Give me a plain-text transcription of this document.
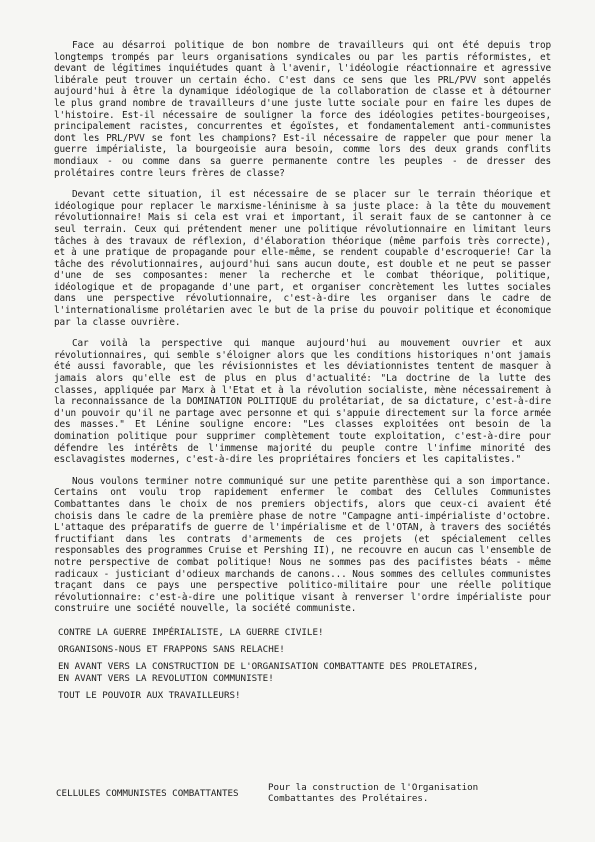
Face au désarroi politique de bon nombre de travailleurs qui ont été depuis trop longtemps trompés par leurs organisations syndicales ou par les partis réformistes, et devant de légitimes inquiétudes quant à l'avenir, l'idéologie réactionnaire et agressive libérale peut trouver un certain écho. C'est dans ce sens que les PRL/PVV sont appelés aujourd'hui à être la dynamique idéologique de la collaboration de classe et à détourner le plus grand nombre de travailleurs d'une juste lutte sociale pour en faire les dupes de l'histoire. Est-il nécessaire de souligner la force des idéologies petites-bourgeoises, principalement racistes, concurrentes et égoïstes, et fondamentalement anti-communistes dont les PRL/PVV se font les champions? Est-il nécessaire de rappeler que pour mener la guerre impérialiste, la bourgeoisie aura besoin, comme lors des deux grands conflits mondiaux - ou comme dans sa guerre permanente contre les peuples - de dresser des prolétaires contre leurs frères de classe?

Devant cette situation, il est nécessaire de se placer sur le terrain théorique et idéologique pour replacer le marxisme-léninisme à sa juste place: à la tête du mouvement révolutionnaire! Mais si cela est vrai et important, il serait faux de se cantonner à ce seul terrain. Ceux qui prétendent mener une politique révolutionnaire en limitant leurs tâches à des travaux de réflexion, d'élaboration théorique (même parfois très correcte), et à une pratique de propagande pour elle-même, se rendent coupable d'escroquerie! Car la tâche des révolutionnaires, aujourd'hui sans aucun doute, est double et ne peut se passer d'une de ses composantes: mener la recherche et le combat théorique, politique, idéologique et de propagande d'une part, et organiser concrètement les luttes sociales dans une perspective révolutionnaire, c'est-à-dire les organiser dans le cadre de l'internationalisme prolétarien avec le but de la prise du pouvoir politique et économique par la classe ouvrière.

Car voilà la perspective qui manque aujourd'hui au mouvement ouvrier et aux révolutionnaires, qui semble s'éloigner alors que les conditions historiques n'ont jamais été aussi favorable, que les révisionnistes et les déviationnistes tentent de masquer à jamais alors qu'elle est de plus en plus d'actualité: "La doctrine de la lutte des classes, appliquée par Marx à l'Etat et à la révolution socialiste, mène nécessairement à la reconnaissance de la DOMINATION POLITIQUE du prolétariat, de sa dictature, c'est-à-dire d'un pouvoir qu'il ne partage avec personne et qui s'appuie directement sur la force armée des masses." Et Lénine souligne encore: "Les classes exploitées ont besoin de la domination politique pour supprimer complètement toute exploitation, c'est-à-dire pour défendre les intérêts de l'immense majorité du peuple contre l'infime minorité des esclavagistes modernes, c'est-à-dire les propriétaires fonciers et les capitalistes."

Nous voulons terminer notre communiqué sur une petite parenthèse qui a son importance. Certains ont voulu trop rapidement enfermer le combat des Cellules Communistes Combattantes dans le choix de nos premiers objectifs, alors que ceux-ci avaient été choisis dans le cadre de la première phase de notre "Campagne anti-impérialiste d'octobre. L'attaque des préparatifs de guerre de l'impérialisme et de l'OTAN, à travers des sociétés fructifiant dans les contrats d'armements de ces projets (et spécialement celles responsables des programmes Cruise et Pershing II), ne recouvre en aucun cas l'ensemble de notre perspective de combat politique! Nous ne sommes pas des pacifistes béats - même radicaux - justiciant d'odieux marchands de canons... Nous sommes des cellules communistes traçant dans ce pays une perspective politico-militaire pour une réelle politique révolutionnaire: c'est-à-dire une politique visant à renverser l'ordre impérialiste pour construire une société nouvelle, la société communiste.

CONTRE LA GUERRE IMPÉRIALISTE, LA GUERRE CIVILE!
ORGANISONS-NOUS ET FRAPPONS SANS RELACHE!
EN AVANT VERS LA CONSTRUCTION DE L'ORGANISATION COMBATTANTE DES PROLETAIRES,
EN AVANT VERS LA REVOLUTION COMMUNISTE!
TOUT LE POUVOIR AUX TRAVAILLEURS!
CELLULES COMMUNISTES COMBATTANTES
Pour la construction de l'Organisation
Combattantes des Prolétaires.
